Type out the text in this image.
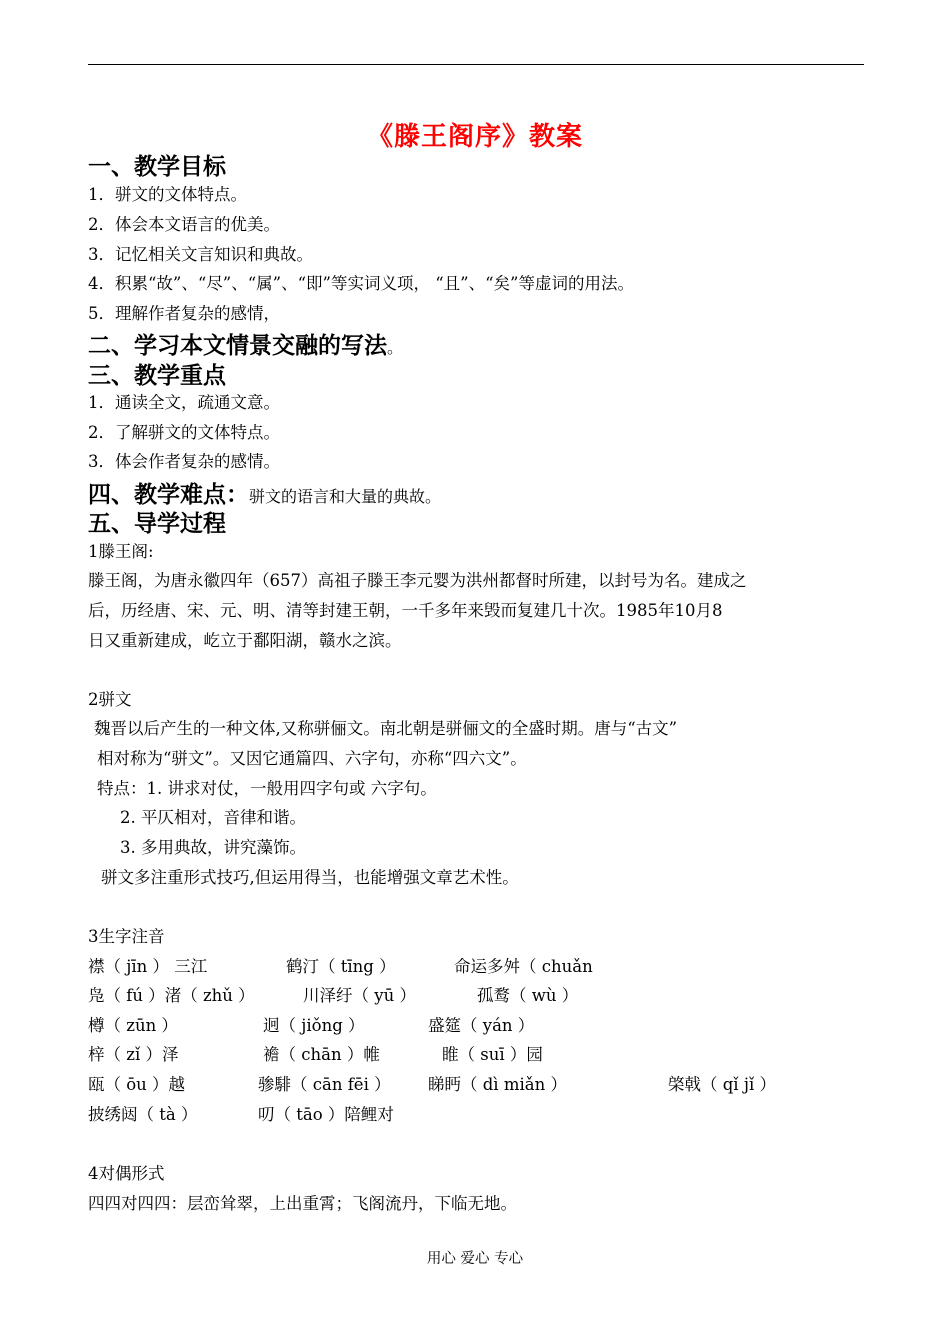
《滕王阁序》教案
一、教学目标
1．骈文的文体特点。
2．体会本文语言的优美。
3．记忆相关文言知识和典故。
4．积累“故”、“尽”、“属”、“即”等实词义项， “且”、“矣”等虚词的用法。
5．理解作者复杂的感情，
二、学习本文情景交融的写法。
三、教学重点
1．通读全文，疏通文意。
2．了解骈文的文体特点。
3．体会作者复杂的感情。
四、教学难点：骈文的语言和大量的典故。
五、导学过程
1滕王阁:
滕王阁，为唐永徽四年（657）高祖子滕王李元婴为洪州都督时所建，以封号为名。建成之
后，历经唐、宋、元、明、清等封建王朝，一千多年来毁而复建几十次。1985年10月8
日又重新建成，屹立于鄱阳湖，赣水之滨。
2骈文
魏晋以后产生的一种文体,又称骈俪文。南北朝是骈俪文的全盛时期。唐与“古文”
相对称为“骈文”。又因它通篇四、六字句，亦称“四六文”。
特点：1. 讲求对仗，一般用四字句或 六字句。
2. 平仄相对，音律和谐。
3. 多用典故，讲究藻饰。
骈文多注重形式技巧,但运用得当，也能增强文章艺术性。
3生字注音
襟（ jīn ） 三江	鹤汀（ tīng ）	命运多舛（ chuǎn
凫（ fú ）渚（ zhǔ ）	川泽纡（ yū ）	孤鹜（ wù ）
樽（ zūn ）	迥（ jiǒng ）	盛筵（ yán ）
梓（ zǐ ）泽	襜（ chān ）帷	睢（ suī ）园
瓯（ ōu ）越	骖騑（ cān fēi ） 睇眄（ dì miǎn ）	棨戟（ qǐ jǐ ）
披绣闼（ tà ）	叨（ tāo ）陪鲤对
4对偶形式
四四对四四：层峦耸翠，上出重霄；飞阁流丹，下临无地。
用心 爱心 专心
